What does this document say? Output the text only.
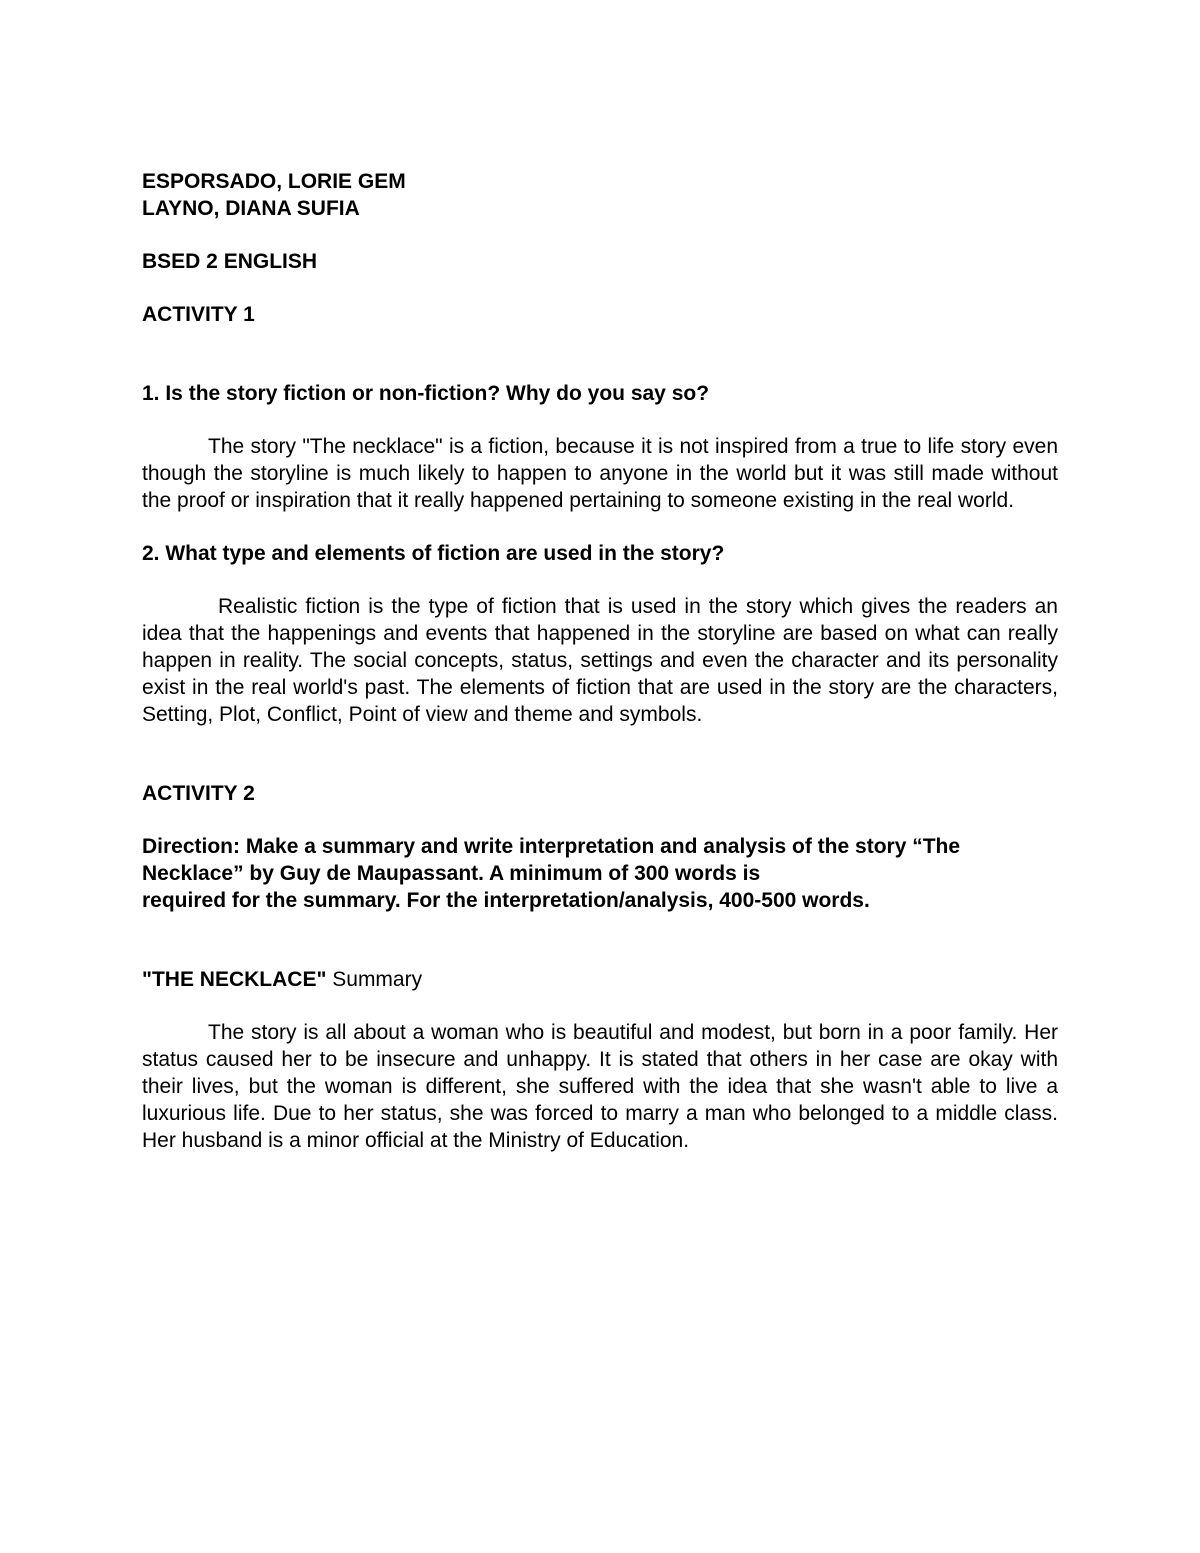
ESPORSADO, LORIE GEM

LAYNO, DIANA SUFIA

BSED 2 ENGLISH

ACTIVITY 1

1. Is the story fiction or non-fiction? Why do you say so?

The story "The necklace" is a fiction, because it is not inspired from a true to life story even though the storyline is much likely to happen to anyone in the world but it was still made without the proof or inspiration that it really happened pertaining to someone existing in the real world.

2. What type and elements of fiction are used in the story?

Realistic fiction is the type of fiction that is used in the story which gives the readers an idea that the happenings and events that happened in the storyline are based on what can really happen in reality. The social concepts, status, settings and even the character and its personality exist in the real world's past. The elements of fiction that are used in the story are the characters, Setting, Plot, Conflict, Point of view and theme and symbols.

ACTIVITY 2

Direction: Make a summary and write interpretation and analysis of the story “The

Necklace” by Guy de Maupassant. A minimum of 300 words is

required for the summary. For the interpretation/analysis, 400-500 words.

"THE NECKLACE" Summary

The story is all about a woman who is beautiful and modest, but born in a poor family. Her status caused her to be insecure and unhappy. It is stated that others in her case are okay with their lives, but the woman is different, she suffered with the idea that she wasn't able to live a luxurious life. Due to her status, she was forced to marry a man who belonged to a middle class. Her husband is a minor official at the Ministry of Education.
